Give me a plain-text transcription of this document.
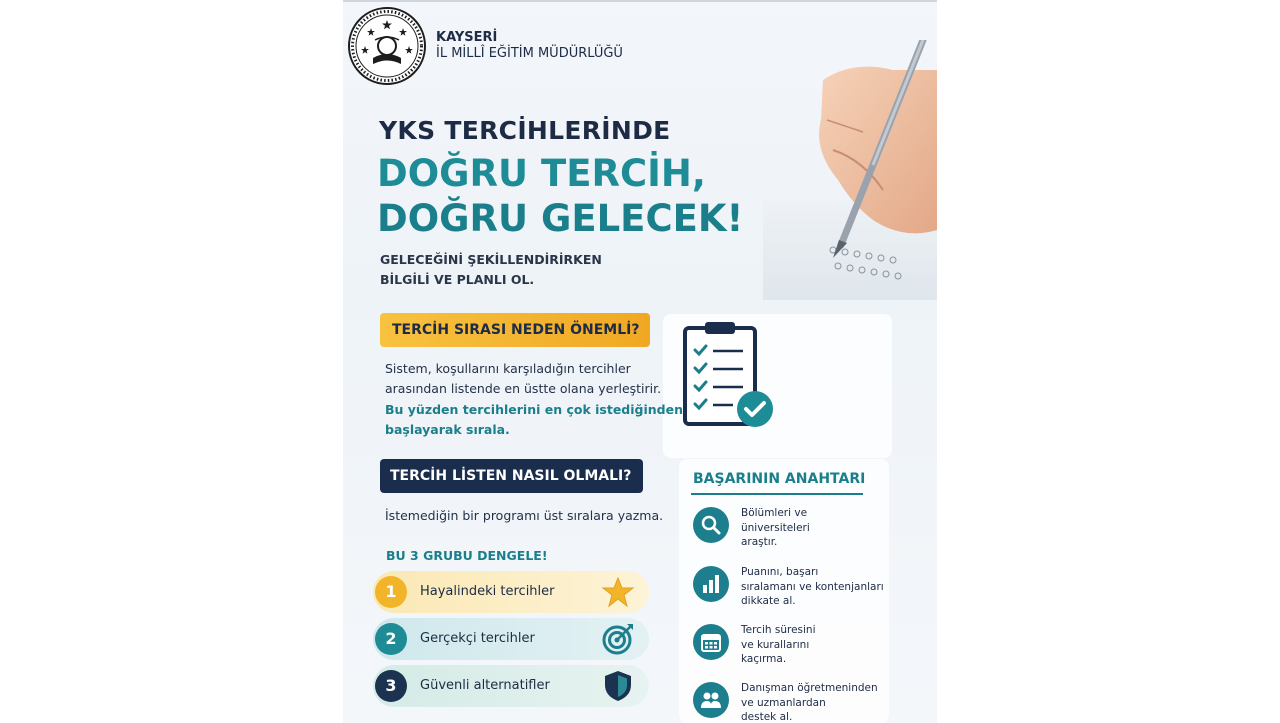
KAYSERİ
İL MİLLÎ EĞİTİM MÜDÜRLÜĞÜ
YKS TERCİHLERİNDE
DOĞRU TERCİH,
DOĞRU GELECEK!
GELECEĞİNİ ŞEKİLLENDİRİRKEN
BİLGİLİ VE PLANLI OL.
TERCİH SIRASI NEDEN ÖNEMLİ?
Sistem, koşullarını karşıladığın tercihler
arasından listende en üstte olana yerleştirir.
Bu yüzden tercihlerini en çok istediğinden
başlayarak sırala.
TERCİH LİSTEN NASIL OLMALI?
İstemediğin bir programı üst sıralara yazma.
BU 3 GRUBU DENGELE!
1	Hayalindeki tercihler
2	Gerçekçi tercihler
3	Güvenli alternatifler
BAŞARININ ANAHTARI
Bölümleri ve
üniversiteleri
araştır.
Puanını, başarı
sıralamanı ve kontenjanları
dikkate al.
Tercih süresini
ve kurallarını
kaçırma.
Danışman öğretmeninden
ve uzmanlardan
destek al.
